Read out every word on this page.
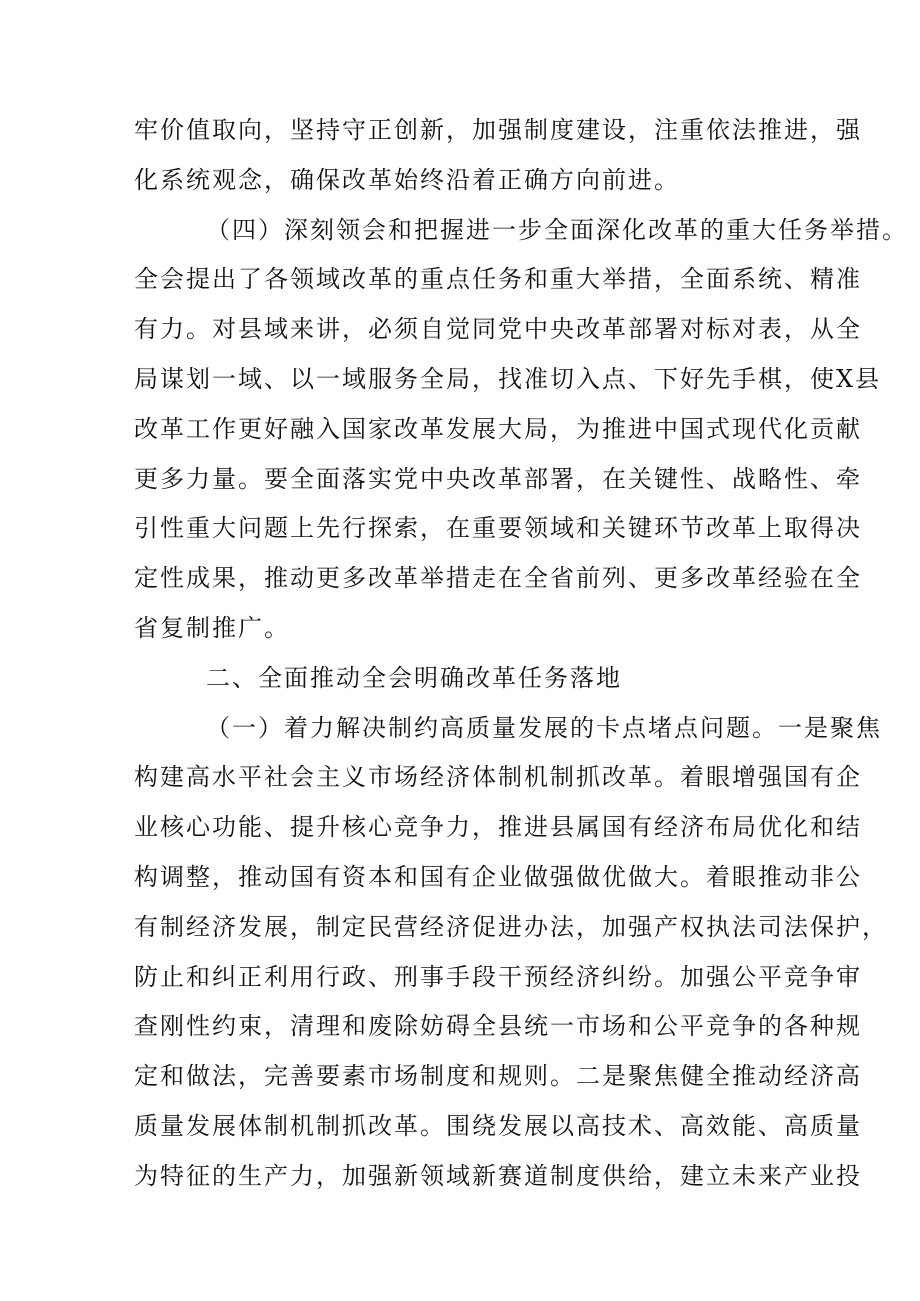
牢价值取向，坚持守正创新，加强制度建设，注重依法推进，强
化系统观念，确保改革始终沿着正确方向前进。
（四）深刻领会和把握进一步全面深化改革的重大任务举措。
全会提出了各领域改革的重点任务和重大举措，全面系统、精准
有力。对县域来讲，必须自觉同党中央改革部署对标对表，从全
局谋划一域、以一域服务全局，找准切入点、下好先手棋，使X县
改革工作更好融入国家改革发展大局，为推进中国式现代化贡献
更多力量。要全面落实党中央改革部署，在关键性、战略性、牵
引性重大问题上先行探索，在重要领域和关键环节改革上取得决
定性成果，推动更多改革举措走在全省前列、更多改革经验在全
省复制推广。
二、全面推动全会明确改革任务落地
（一）着力解决制约高质量发展的卡点堵点问题。一是聚焦
构建高水平社会主义市场经济体制机制抓改革。着眼增强国有企
业核心功能、提升核心竞争力，推进县属国有经济布局优化和结
构调整，推动国有资本和国有企业做强做优做大。着眼推动非公
有制经济发展，制定民营经济促进办法，加强产权执法司法保护，
防止和纠正利用行政、刑事手段干预经济纠纷。加强公平竞争审
查刚性约束，清理和废除妨碍全县统一市场和公平竞争的各种规
定和做法，完善要素市场制度和规则。二是聚焦健全推动经济高
质量发展体制机制抓改革。围绕发展以高技术、高效能、高质量
为特征的生产力，加强新领域新赛道制度供给，建立未来产业投
